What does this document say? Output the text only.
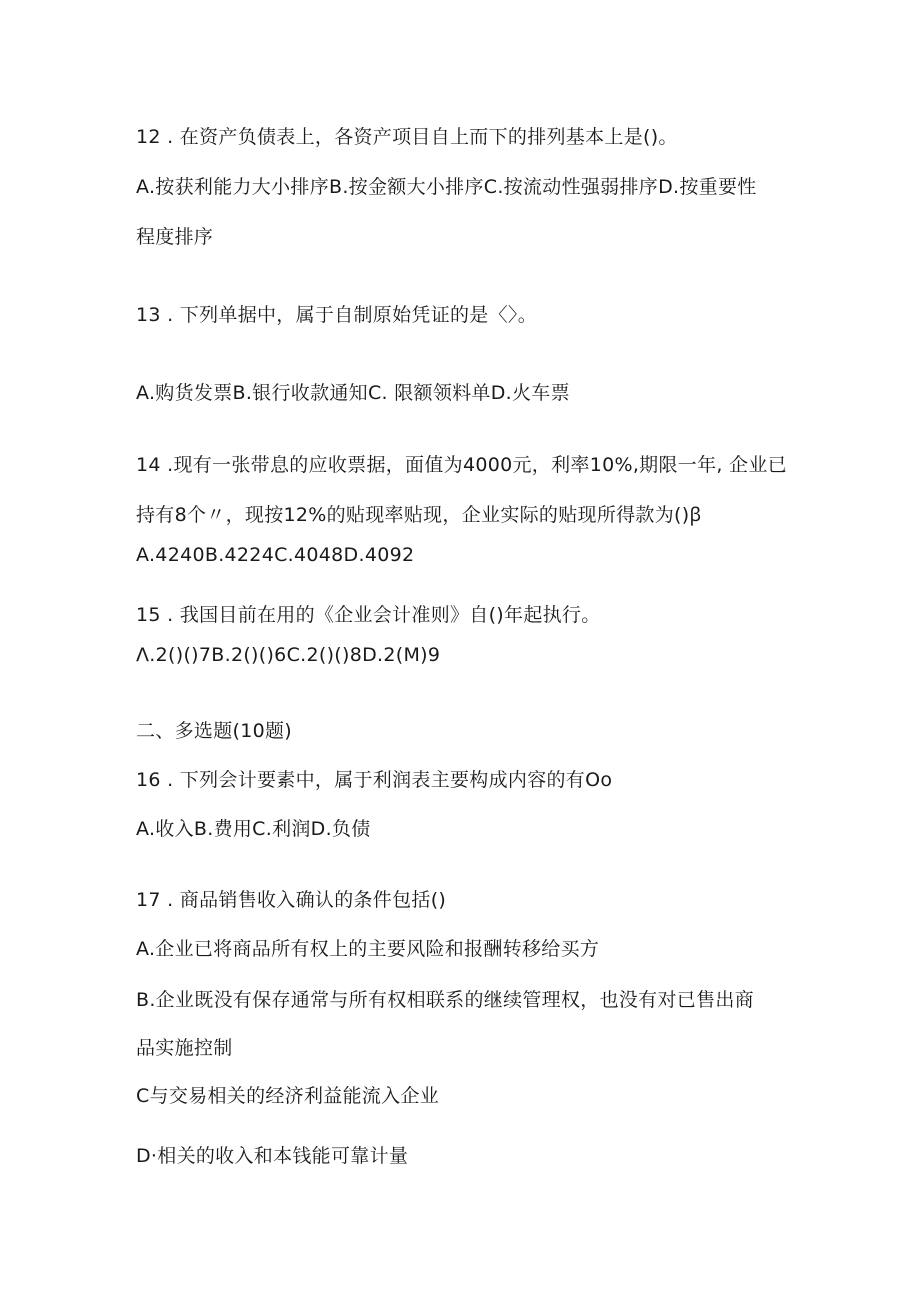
12 . 在资产负债表上，各资产项目自上而下的排列基本上是()。
A.按获利能力大小排序B.按金额大小排序C.按流动性强弱排序D.按重要性
程度排序
13 . 下列单据中，属于自制原始凭证的是〈〉。
A.购货发票B.银行收款通知C. 限额领料单D.火车票
14 .现有一张带息的应收票据，面值为4000元，利率10%,期限一年, 企业已
持有8个〃，现按12%的贴现率贴现，企业实际的贴现所得款为()ꞵ
A.4240B.4224C.4048D.4092
15 . 我国目前在用的《企业会计准则》自()年起执行。
Λ.2()()7B.2()()6C.2()()8D.2(M)9
二、多选题(10题)
16 . 下列会计要素中，属于利润表主要构成内容的有Oo
A.收入B.费用C.利润D.负债
17 . 商品销售收入确认的条件包括()
A.企业已将商品所有权上的主要风险和报酬转移给买方
B.企业既没有保存通常与所有权相联系的继续管理权，也没有对已售出商
品实施控制
C与交易相关的经济利益能流入企业
D·相关的收入和本钱能可靠计量
